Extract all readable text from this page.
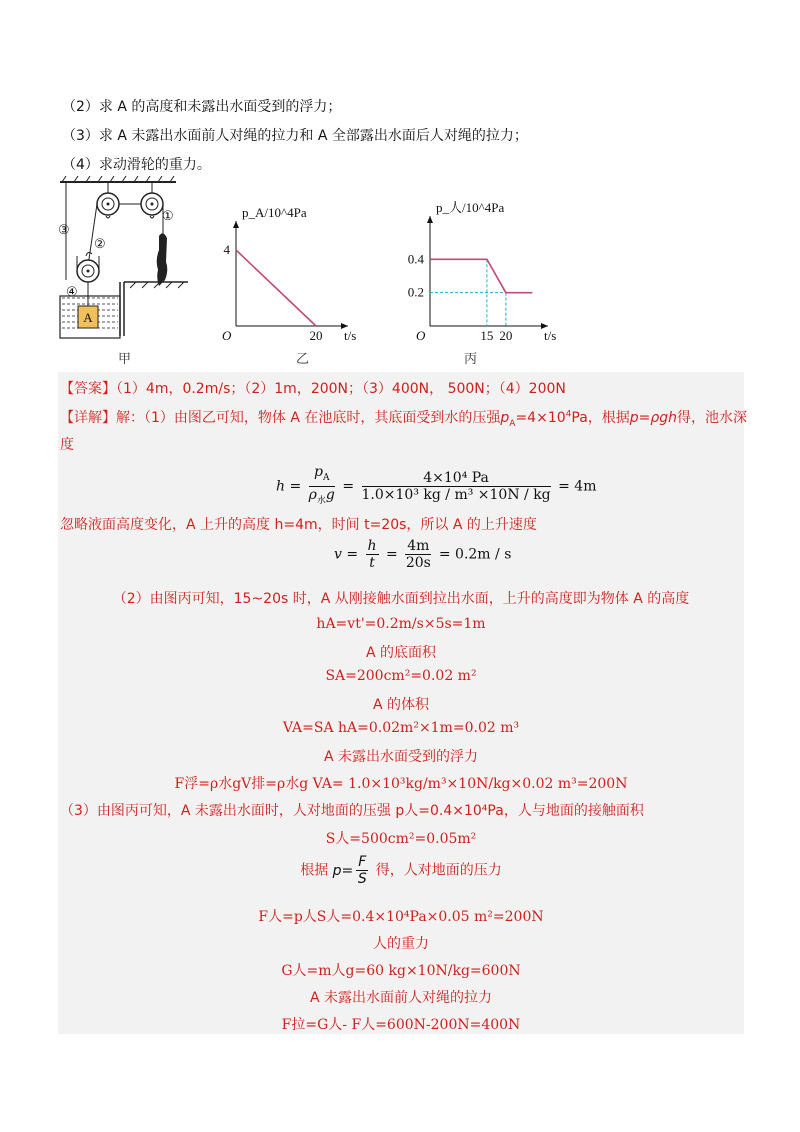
（2）求 A 的高度和未露出水面受到的浮力；
（3）求 A 未露出水面前人对绳的拉力和 A 全部露出水面后人对绳的拉力；
（4）求动滑轮的重力。
A
①
②
③
④
甲
O
p_A/10^4Pa
t/s
20
4
乙
O
p_人/10^4Pa
t/s
15 20
0.4
0.2
丙
【答案】（1）4m，0.2m/s；（2）1m，200N；（3）400N， 500N；（4）200N
【详解】解：（1）由图乙可知，物体 A 在池底时，其底面受到水的压强$p_A=4\times 10^4Pa$，根据p=ρgh得，池水深
度
$h = \frac{p_A}{\rho_水g} = \frac{\text{4×10⁴ Pa}}{\text{1.0×10³ kg / m³ ×10N / kg}} = 4m$
忽略液面高度变化，A 上升的高度 h=4m，时间 t=20s，所以 A 的上升速度
$v = \frac{h}{t} = \frac{4m}{20s} = 0.2m / s$
（2）由图丙可知，15~20s 时，A 从刚接触水面到拉出水面，上升的高度即为物体 A 的高度
hA=vt'=0.2m/s×5s=1m
A 的底面积
SA=200cm²=0.02 m²
A 的体积
VA=SA hA=0.02m²×1m=0.02 m³
A 未露出水面受到的浮力
F浮=ρ水gV排=ρ水g VA= 1.0×10³kg/m³×10N/kg×0.02 m³=200N
（3）由图丙可知，A 未露出水面时，人对地面的压强 p人=0.4×10⁴Pa，人与地面的接触面积
S人=500cm²=0.05m²
根据 $p= \frac{F}{S}$ 得，人对地面的压力
F人=p人S人=0.4×10⁴Pa×0.05 m²=200N
人的重力
G人=m人g=60 kg×10N/kg=600N
A 未露出水面前人对绳的拉力
F拉=G人- F人=600N-200N=400N
